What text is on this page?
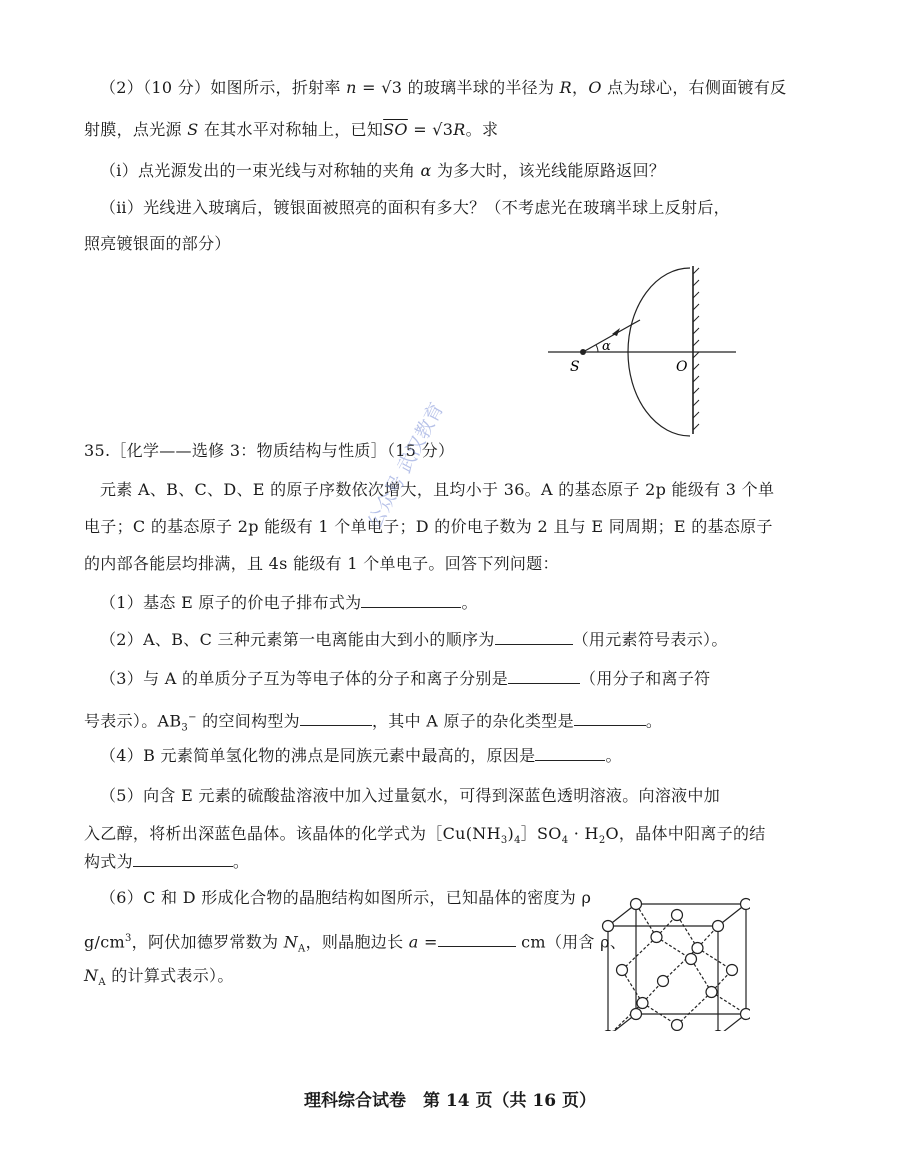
（2）（10 分）如图所示，折射率 n = √3 的玻璃半球的半径为 R，O 点为球心，右侧面镀有反
射膜，点光源 S 在其水平对称轴上，已知$\overline{SO} = √3R$。求
（ⅰ）点光源发出的一束光线与对称轴的夹角 α 为多大时，该光线能原路返回？
（ⅱ）光线进入玻璃后，镀银面被照亮的面积有多大？（不考虑光在玻璃半球上反射后，
照亮镀银面的部分）
α
S	O
35.［化学——选修 3：物质结构与性质］（15 分）
元素 A、B、C、D、E 的原子序数依次增大，且均小于 36。A 的基态原子 2p 能级有 3 个单
电子；C 的基态原子 2p 能级有 1 个单电子；D 的价电子数为 2 且与 E 同周期；E 的基态原子
的内部各能层均排满，且 4s 能级有 1 个单电子。回答下列问题：
（1）基态 E 原子的价电子排布式为	。
（2）A、B、C 三种元素第一电离能由大到小的顺序为	（用元素符号表示）。
（3）与 A 的单质分子互为等电子体的分子和离子分别是	（用分子和离子符
号表示）。$AB_3^-$ 的空间构型为	，其中 A 原子的杂化类型是	。
（4）B 元素简单氢化物的沸点是同族元素中最高的，原因是	。
（5）向含 E 元素的硫酸盐溶液中加入过量氨水，可得到深蓝色透明溶液。向溶液中加
入乙醇，将析出深蓝色晶体。该晶体的化学式为$[Cu(NH_3)_4]SO_4 \cdot H_2O$，晶体中阳离子的结
构式为	。
（6）C 和 D 形成化合物的晶胞结构如图所示，已知晶体的密度为 ρ
$g/cm^3$，阿伏加德罗常数为 $N_A$，则晶胞边长 a =	cm（用含 ρ、
$N_A$ 的计算式表示）。
公众号 武汉教育
理科综合试卷　第 14 页（共 16 页）
